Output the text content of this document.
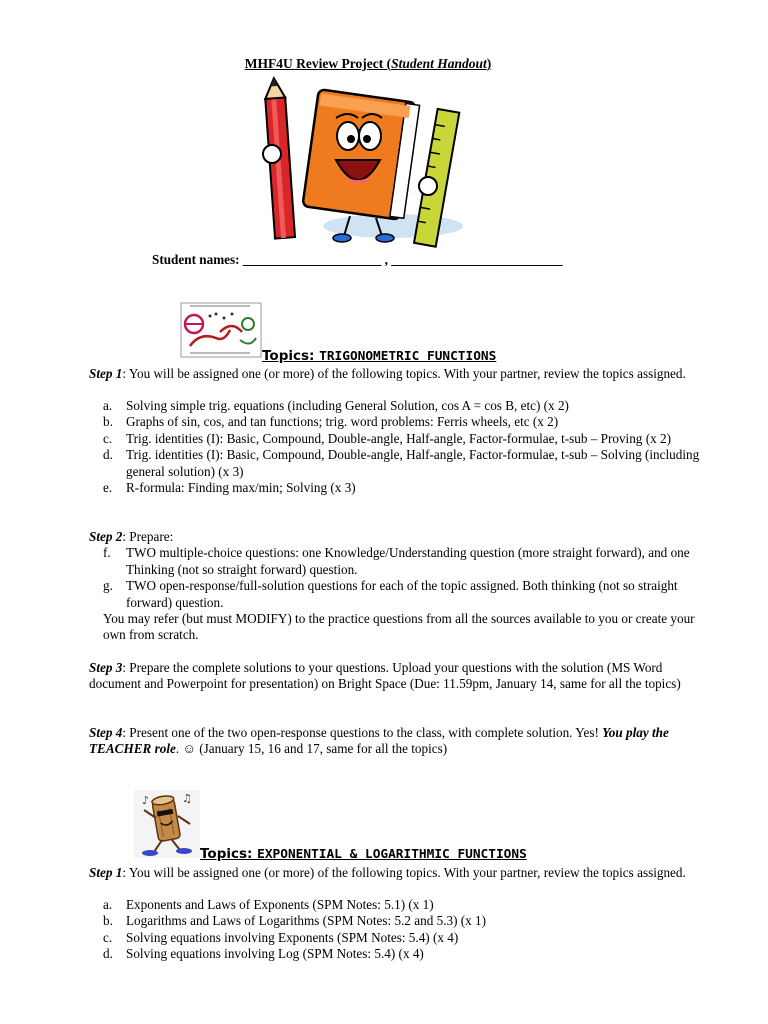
MHF4U Review Project (Student Handout)
Student names: _____________________ , __________________________
Topics: TRIGONOMETRIC FUNCTIONS
Step 1: You will be assigned one (or more) of the following topics. With your partner, review the topics assigned.
a. Solving simple trig. equations (including General Solution, cos A = cos B, etc) (x 2)
b. Graphs of sin, cos, and tan functions; trig. word problems: Ferris wheels, etc (x 2)
c. Trig. identities (I): Basic, Compound, Double-angle, Half-angle, Factor-formulae, t-sub – Proving (x 2)
d. Trig. identities (I): Basic, Compound, Double-angle, Half-angle, Factor-formulae, t-sub – Solving (including general solution) (x 3)
e. R-formula: Finding max/min; Solving (x 3)
Step 2: Prepare:
f. TWO multiple-choice questions: one Knowledge/Understanding question (more straight forward), and one Thinking (not so straight forward) question.
g. TWO open-response/full-solution questions for each of the topic assigned. Both thinking (not so straight forward) question.
You may refer (but must MODIFY) to the practice questions from all the sources available to you or create your own from scratch.
Step 3: Prepare the complete solutions to your questions. Upload your questions with the solution (MS Word document and Powerpoint for presentation) on Bright Space (Due: 11.59pm, January 14, same for all the topics)
Step 4: Present one of the two open-response questions to the class, with complete solution. Yes! You play the TEACHER role. ☺ (January 15, 16 and 17, same for all the topics)
♪	♫
Topics: EXPONENTIAL & LOGARITHMIC FUNCTIONS
Step 1: You will be assigned one (or more) of the following topics. With your partner, review the topics assigned.
a. Exponents and Laws of Exponents (SPM Notes: 5.1) (x 1)
b. Logarithms and Laws of Logarithms (SPM Notes: 5.2 and 5.3) (x 1)
c. Solving equations involving Exponents (SPM Notes: 5.4) (x 4)
d. Solving equations involving Log (SPM Notes: 5.4) (x 4)
